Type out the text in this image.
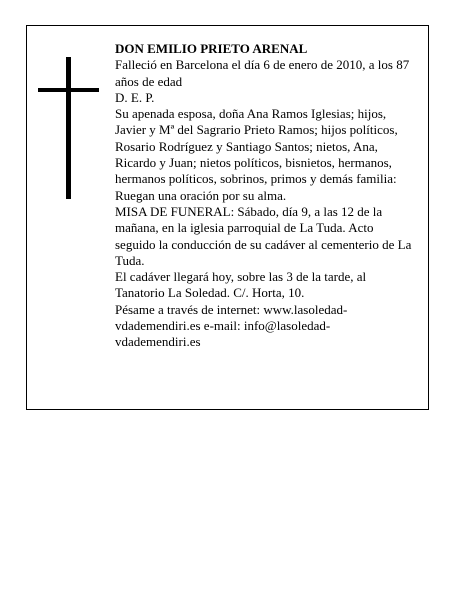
DON EMILIO PRIETO ARENAL

Falleció en Barcelona el día 6 de enero de 2010, a los 87 años de edad

D. E. P.

Su apenada esposa, doña Ana Ramos Iglesias; hijos, Javier y Mª del Sagrario Prieto Ramos; hijos políticos, Rosario Rodríguez y Santiago Santos; nietos, Ana, Ricardo y Juan; nietos políticos, bisnietos, hermanos, hermanos políticos, sobrinos, primos y demás familia:

Ruegan una oración por su alma.

MISA DE FUNERAL: Sábado, día 9, a las 12 de la mañana, en la iglesia parroquial de La Tuda. Acto seguido la conducción de su cadáver al cementerio de La Tuda.

El cadáver llegará hoy, sobre las 3 de la tarde, al Tanatorio La Soledad. C/. Horta, 10.

Pésame a través de internet: www.lasoledad-vdademendiri.es e-mail: info@lasoledad-vdademendiri.es
